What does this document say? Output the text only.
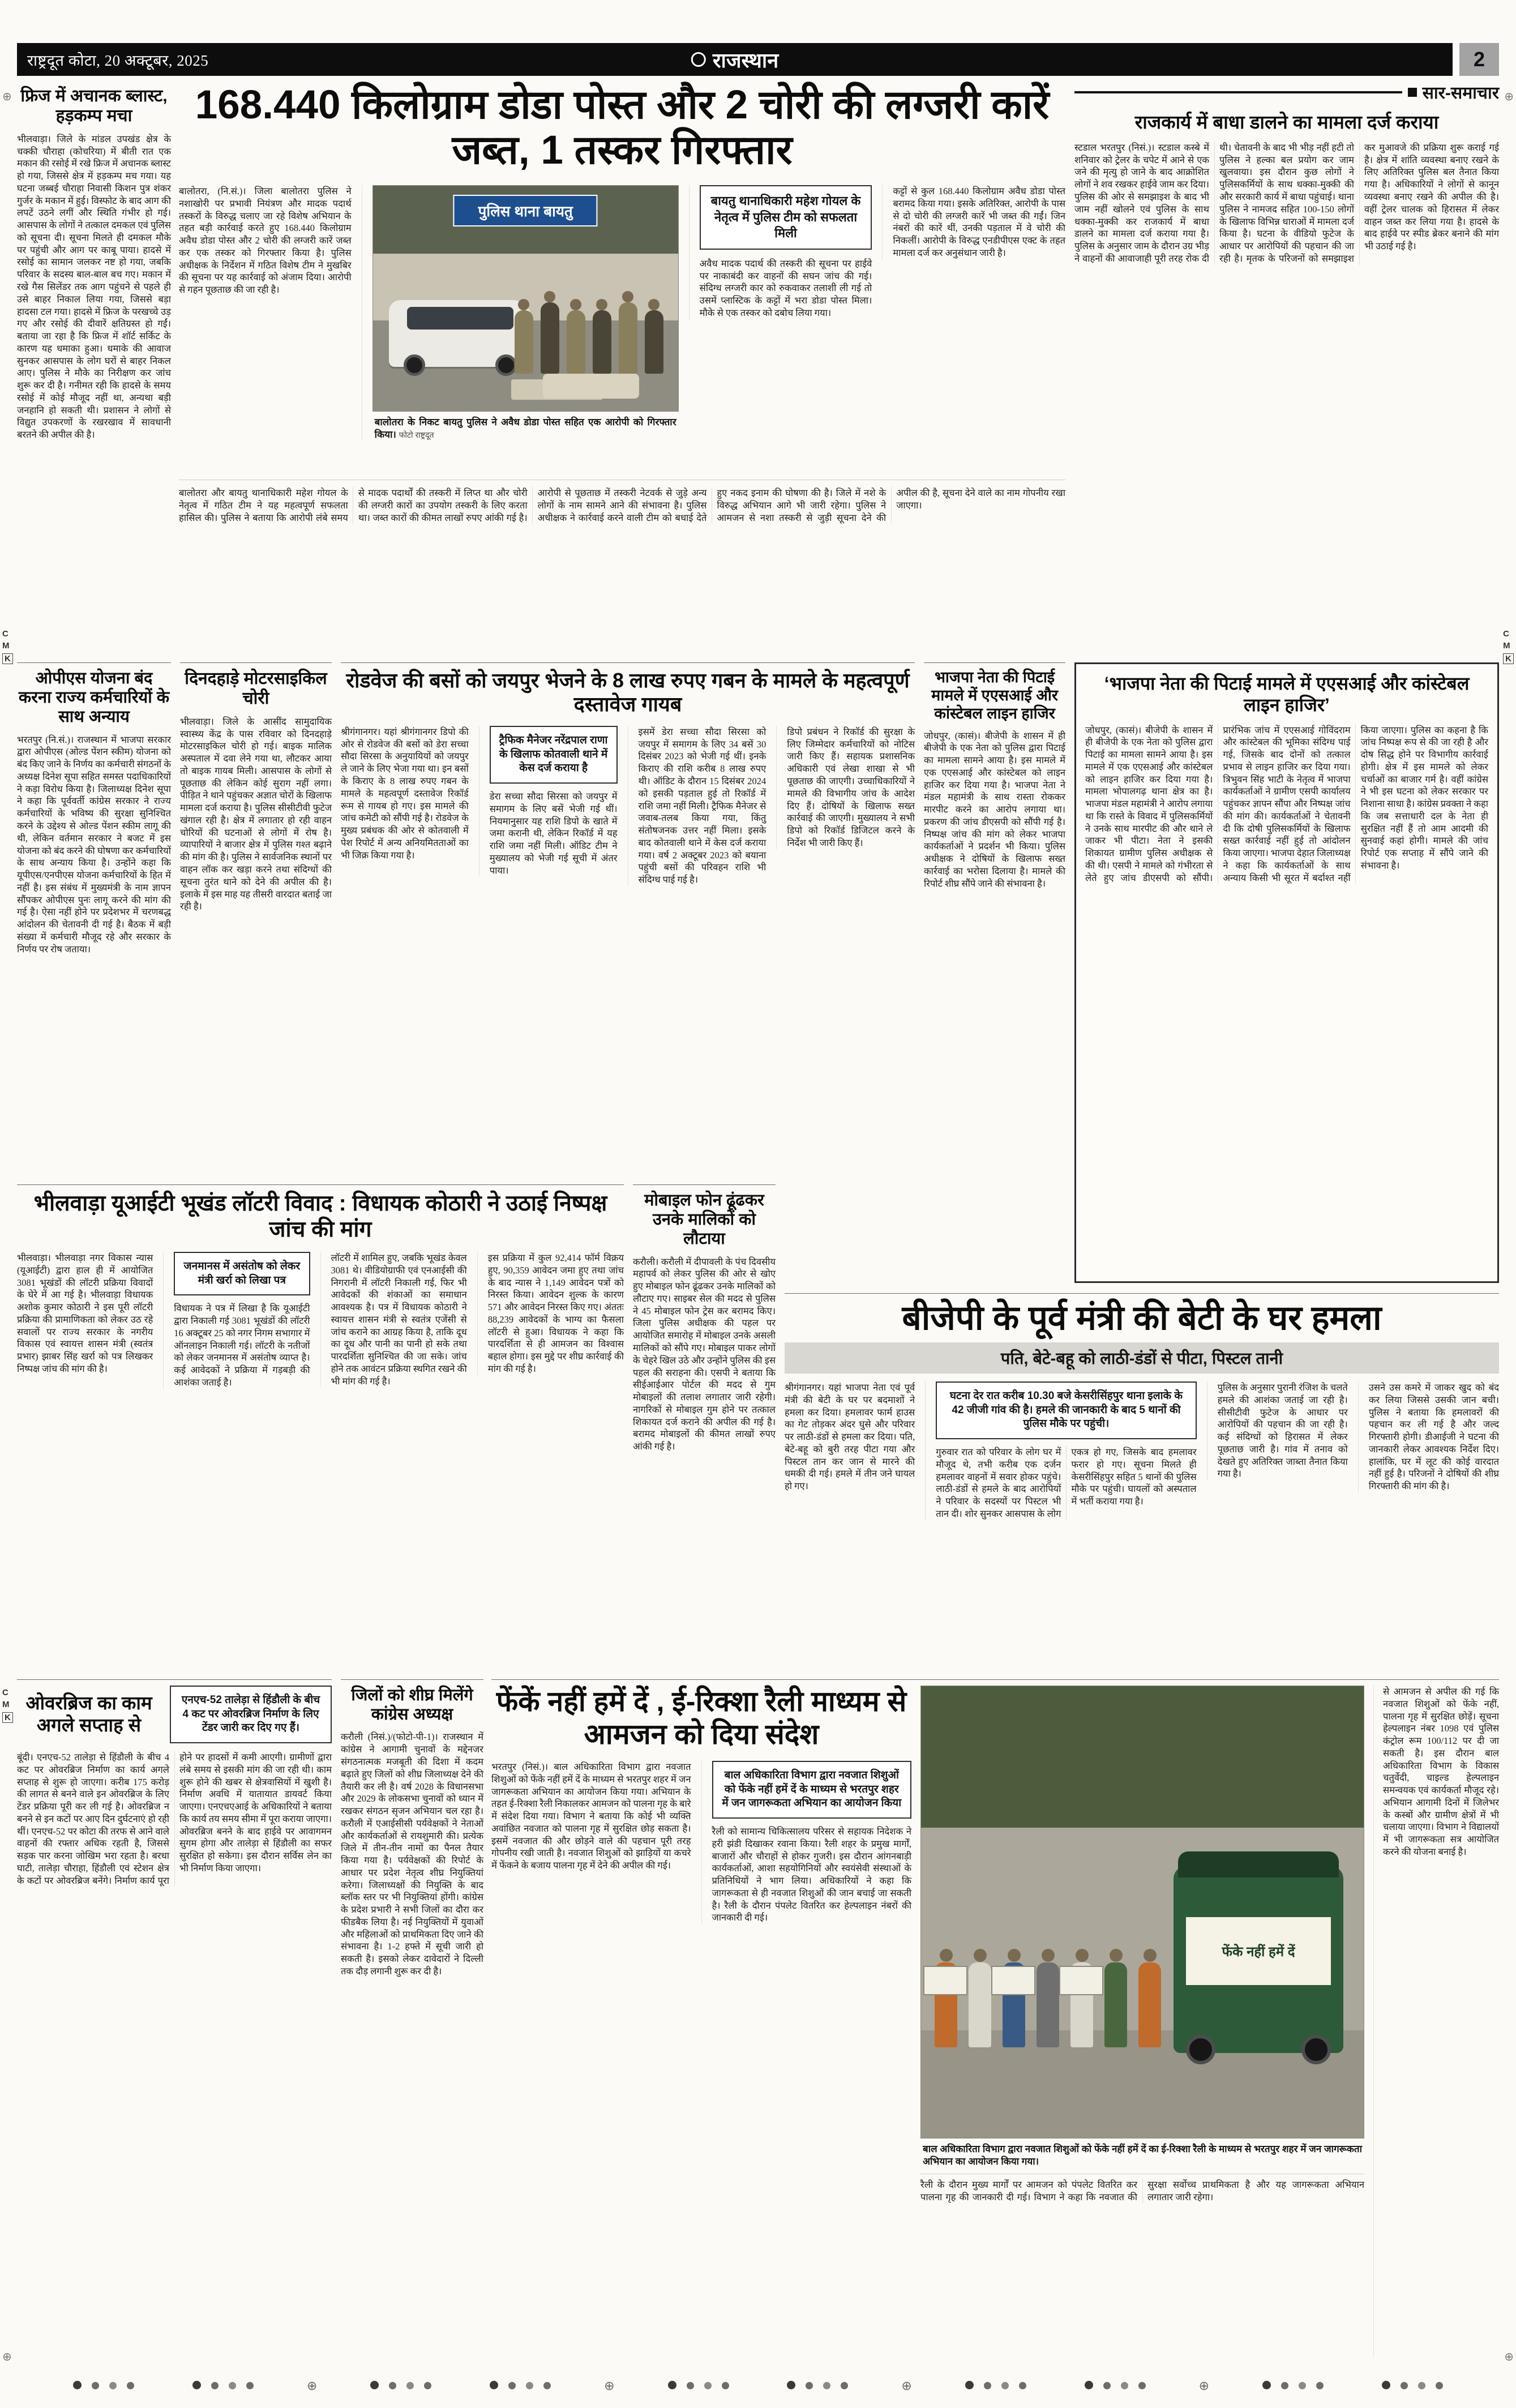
राष्ट्रदूत कोटा, 20 अक्टूबर, 2025	राजस्थान	2
फ्रिज में अचानक ब्लास्ट, हड़कम्प मचा
भीलवाड़ा। जिले के मांडल उपखंड क्षेत्र के चक्की चौराहा (कोचरिया) में बीती रात एक मकान की रसोई में रखे फ्रिज में अचानक ब्लास्ट हो गया, जिससे क्षेत्र में हड़कम्प मच गया। यह घटना जब्बई चौराहा निवासी किशन पुत्र शंकर गुर्जर के मकान में हुई। विस्फोट के बाद आग की लपटें उठने लगीं और स्थिति गंभीर हो गई। आसपास के लोगों ने तत्काल दमकल एवं पुलिस को सूचना दी। सूचना मिलते ही दमकल मौके पर पहुंची और आग पर काबू पाया। हादसे में रसोई का सामान जलकर नष्ट हो गया, जबकि परिवार के सदस्य बाल-बाल बच गए। मकान में रखे गैस सिलेंडर तक आग पहुंचने से पहले ही उसे बाहर निकाल लिया गया, जिससे बड़ा हादसा टल गया। हादसे में फ्रिज के परखच्चे उड़ गए और रसोई की दीवारें क्षतिग्रस्त हो गईं। बताया जा रहा है कि फ्रिज में शॉर्ट सर्किट के कारण यह धमाका हुआ। धमाके की आवाज सुनकर आसपास के लोग घरों से बाहर निकल आए। पुलिस ने मौके का निरीक्षण कर जांच शुरू कर दी है। गनीमत रही कि हादसे के समय रसोई में कोई मौजूद नहीं था, अन्यथा बड़ी जनहानि हो सकती थी। प्रशासन ने लोगों से विद्युत उपकरणों के रखरखाव में सावधानी बरतने की अपील की है।
168.440 किलोग्राम डोडा पोस्त और 2 चोरी की लग्जरी कारें जब्त, 1 तस्कर गिरफ्तार
बालोतरा, (नि.सं.)। जिला बालोतरा पुलिस ने नशाखोरी पर प्रभावी नियंत्रण और मादक पदार्थ तस्करों के विरुद्ध चलाए जा रहे विशेष अभियान के तहत बड़ी कार्रवाई करते हुए 168.440 किलोग्राम अवैध डोडा पोस्त और 2 चोरी की लग्जरी कारें जब्त कर एक तस्कर को गिरफ्तार किया है। पुलिस अधीक्षक के निर्देशन में गठित विशेष टीम ने मुखबिर की सूचना पर यह कार्रवाई को अंजाम दिया। आरोपी से गहन पूछताछ की जा रही है।
पुलिस थाना बायतु
बालोतरा के निकट बायतु पुलिस ने अवैध डोडा पोस्त सहित एक आरोपी को गिरफ्तार किया। फोटो राष्ट्रदूत
बायतु थानाधिकारी महेश गोयल के नेतृत्व में पुलिस टीम को सफलता मिली
अवैध मादक पदार्थ की तस्करी की सूचना पर हाईवे पर नाकाबंदी कर वाहनों की सघन जांच की गई। संदिग्ध लग्जरी कार को रुकवाकर तलाशी ली गई तो उसमें प्लास्टिक के कट्टों में भरा डोडा पोस्त मिला। मौके से एक तस्कर को दबोच लिया गया।
कट्टों से कुल 168.440 किलोग्राम अवैध डोडा पोस्त बरामद किया गया। इसके अतिरिक्त, आरोपी के पास से दो चोरी की लग्जरी कारें भी जब्त की गईं। जिन नंबरों की कारें थीं, उनकी पड़ताल में वे चोरी की निकलीं। आरोपी के विरुद्ध एनडीपीएस एक्ट के तहत मामला दर्ज कर अनुसंधान जारी है।
बालोतरा और बायतु थानाधिकारी महेश गोयल के नेतृत्व में गठित टीम ने यह महत्वपूर्ण सफलता हासिल की। पुलिस ने बताया कि आरोपी लंबे समय से मादक पदार्थों की तस्करी में लिप्त था और चोरी की लग्जरी कारों का उपयोग तस्करी के लिए करता था। जब्त कारों की कीमत लाखों रुपए आंकी गई है। आरोपी से पूछताछ में तस्करी नेटवर्क से जुड़े अन्य लोगों के नाम सामने आने की संभावना है। पुलिस अधीक्षक ने कार्रवाई करने वाली टीम को बधाई देते हुए नकद इनाम की घोषणा की है। जिले में नशे के विरुद्ध अभियान आगे भी जारी रहेगा। पुलिस ने आमजन से नशा तस्करी से जुड़ी सूचना देने की अपील की है, सूचना देने वाले का नाम गोपनीय रखा जाएगा।
सार-समाचार
राजकार्य में बाधा डालने का मामला दर्ज कराया
स्टडाल भरतपुर (निसं.)। स्टडाल कस्बे में शनिवार को ट्रेलर के चपेट में आने से एक जने की मृत्यु हो जाने के बाद आक्रोशित लोगों ने शव रखकर हाईवे जाम कर दिया। पुलिस की ओर से समझाइश के बाद भी जाम नहीं खोलने एवं पुलिस के साथ धक्का-मुक्की कर राजकार्य में बाधा डालने का मामला दर्ज कराया गया है। पुलिस के अनुसार जाम के दौरान उग्र भीड़ ने वाहनों की आवाजाही पूरी तरह रोक दी थी। चेतावनी के बाद भी भीड़ नहीं हटी तो पुलिस ने हल्का बल प्रयोग कर जाम खुलवाया। इस दौरान कुछ लोगों ने पुलिसकर्मियों के साथ धक्का-मुक्की की और सरकारी कार्य में बाधा पहुंचाई। थाना पुलिस ने नामजद सहित 100-150 लोगों के खिलाफ विभिन्न धाराओं में मामला दर्ज किया है। घटना के वीडियो फुटेज के आधार पर आरोपियों की पहचान की जा रही है। मृतक के परिजनों को समझाइश कर मुआवजे की प्रक्रिया शुरू कराई गई है। क्षेत्र में शांति व्यवस्था बनाए रखने के लिए अतिरिक्त पुलिस बल तैनात किया गया है। अधिकारियों ने लोगों से कानून व्यवस्था बनाए रखने की अपील की है। वहीं ट्रेलर चालक को हिरासत में लेकर वाहन जब्त कर लिया गया है। हादसे के बाद हाईवे पर स्पीड ब्रेकर बनाने की मांग भी उठाई गई है।
ओपीएस योजना बंद करना राज्य कर्मचारियों के साथ अन्याय
भरतपुर (नि.सं.)। राजस्थान में भाजपा सरकार द्वारा ओपीएस (ओल्ड पेंशन स्कीम) योजना को बंद किए जाने के निर्णय का कर्मचारी संगठनों के अध्यक्ष दिनेश सूपा सहित समस्त पदाधिकारियों ने कड़ा विरोध किया है। जिलाध्यक्ष दिनेश सूपा ने कहा कि पूर्ववर्ती कांग्रेस सरकार ने राज्य कर्मचारियों के भविष्य की सुरक्षा सुनिश्चित करने के उद्देश्य से ओल्ड पेंशन स्कीम लागू की थी, लेकिन वर्तमान सरकार ने बजट में इस योजना को बंद करने की घोषणा कर कर्मचारियों के साथ अन्याय किया है। उन्होंने कहा कि यूपीएस/एनपीएस योजना कर्मचारियों के हित में नहीं है। इस संबंध में मुख्यमंत्री के नाम ज्ञापन सौंपकर ओपीएस पुनः लागू करने की मांग की गई है। ऐसा नहीं होने पर प्रदेशभर में चरणबद्ध आंदोलन की चेतावनी दी गई है। बैठक में बड़ी संख्या में कर्मचारी मौजूद रहे और सरकार के निर्णय पर रोष जताया।
दिनदहाड़े मोटरसाइकिल चोरी
भीलवाड़ा। जिले के आसींद सामुदायिक स्वास्थ्य केंद्र के पास रविवार को दिनदहाड़े मोटरसाइकिल चोरी हो गई। बाइक मालिक अस्पताल में दवा लेने गया था, लौटकर आया तो बाइक गायब मिली। आसपास के लोगों से पूछताछ की लेकिन कोई सुराग नहीं लगा। पीड़ित ने थाने पहुंचकर अज्ञात चोरों के खिलाफ मामला दर्ज कराया है। पुलिस सीसीटीवी फुटेज खंगाल रही है। क्षेत्र में लगातार हो रही वाहन चोरियों की घटनाओं से लोगों में रोष है। व्यापारियों ने बाजार क्षेत्र में पुलिस गश्त बढ़ाने की मांग की है। पुलिस ने सार्वजनिक स्थानों पर वाहन लॉक कर खड़ा करने तथा संदिग्धों की सूचना तुरंत थाने को देने की अपील की है। इलाके में इस माह यह तीसरी वारदात बताई जा रही है।
रोडवेज की बसों को जयपुर भेजने के 8 लाख रुपए गबन के मामले के महत्वपूर्ण दस्तावेज गायब
श्रीगंगानगर। यहां श्रीगंगानगर डिपो की ओर से रोडवेज की बसों को डेरा सच्चा सौदा सिरसा के अनुयायियों को जयपुर ले जाने के लिए भेजा गया था। इन बसों के किराए के 8 लाख रुपए गबन के मामले के महत्वपूर्ण दस्तावेज रिकॉर्ड रूम से गायब हो गए। इस मामले की जांच कमेटी को सौंपी गई है। रोडवेज के मुख्य प्रबंधक की ओर से कोतवाली में पेश रिपोर्ट में अन्य अनियमितताओं का भी जिक्र किया गया है।
ट्रैफिक मैनेजर नरेंद्रपाल राणा के खिलाफ कोतवाली थाने में केस दर्ज कराया है
डेरा सच्चा सौदा सिरसा को जयपुर में समागम के लिए बसें भेजी गई थीं। नियमानुसार यह राशि डिपो के खाते में जमा करानी थी, लेकिन रिकॉर्ड में यह राशि जमा नहीं मिली। ऑडिट टीम ने मुख्यालय को भेजी गई सूची में अंतर पाया।
इसमें डेरा सच्चा सौदा सिरसा को जयपुर में समागम के लिए 34 बसें 30 दिसंबर 2023 को भेजी गई थीं। इनके किराए की राशि करीब 8 लाख रुपए थी। ऑडिट के दौरान 15 दिसंबर 2024 को इसकी पड़ताल हुई तो रिकॉर्ड में राशि जमा नहीं मिली। ट्रैफिक मैनेजर से जवाब-तलब किया गया, किंतु संतोषजनक उत्तर नहीं मिला। इसके बाद कोतवाली थाने में केस दर्ज कराया गया। वर्ष 2 अक्टूबर 2023 को बयाना पहुंची बसों की परिवहन राशि भी संदिग्ध पाई गई है।
डिपो प्रबंधन ने रिकॉर्ड की सुरक्षा के लिए जिम्मेदार कर्मचारियों को नोटिस जारी किए हैं। सहायक प्रशासनिक अधिकारी एवं लेखा शाखा से भी पूछताछ की जाएगी। उच्चाधिकारियों ने मामले की विभागीय जांच के आदेश दिए हैं। दोषियों के खिलाफ सख्त कार्रवाई की जाएगी। मुख्यालय ने सभी डिपो को रिकॉर्ड डिजिटल करने के निर्देश भी जारी किए हैं।
भाजपा नेता की पिटाई मामले में एएसआई और कांस्टेबल लाइन हाजिर
जोधपुर, (कासं)। बीजेपी के शासन में ही बीजेपी के एक नेता को पुलिस द्वारा पिटाई का मामला सामने आया है। इस मामले में एक एएसआई और कांस्टेबल को लाइन हाजिर कर दिया गया है। भाजपा नेता ने मंडल महामंत्री के साथ रास्ता रोककर मारपीट करने का आरोप लगाया था। प्रकरण की जांच डीएसपी को सौंपी गई है। निष्पक्ष जांच की मांग को लेकर भाजपा कार्यकर्ताओं ने प्रदर्शन भी किया। पुलिस अधीक्षक ने दोषियों के खिलाफ सख्त कार्रवाई का भरोसा दिलाया है। मामले की रिपोर्ट शीघ्र सौंपे जाने की संभावना है।
‘भाजपा नेता की पिटाई मामले में एएसआई और कांस्टेबल लाइन हाजिर’
जोधपुर, (कासं)। बीजेपी के शासन में ही बीजेपी के एक नेता को पुलिस द्वारा पिटाई का मामला सामने आया है। इस मामले में एक एएसआई और कांस्टेबल को लाइन हाजिर कर दिया गया है। मामला भोपालगढ़ थाना क्षेत्र का है। भाजपा मंडल महामंत्री ने आरोप लगाया था कि रास्ते के विवाद में पुलिसकर्मियों ने उनके साथ मारपीट की और थाने ले जाकर भी पीटा। नेता ने इसकी शिकायत ग्रामीण पुलिस अधीक्षक से की थी। एसपी ने मामले को गंभीरता से लेते हुए जांच डीएसपी को सौंपी। प्रारंभिक जांच में एएसआई गोविंदराम और कांस्टेबल की भूमिका संदिग्ध पाई गई, जिसके बाद दोनों को तत्काल प्रभाव से लाइन हाजिर कर दिया गया। त्रिभुवन सिंह भाटी के नेतृत्व में भाजपा कार्यकर्ताओं ने ग्रामीण एसपी कार्यालय पहुंचकर ज्ञापन सौंपा और निष्पक्ष जांच की मांग की। कार्यकर्ताओं ने चेतावनी दी कि दोषी पुलिसकर्मियों के खिलाफ सख्त कार्रवाई नहीं हुई तो आंदोलन किया जाएगा। भाजपा देहात जिलाध्यक्ष ने कहा कि कार्यकर्ताओं के साथ अन्याय किसी भी सूरत में बर्दाश्त नहीं किया जाएगा। पुलिस का कहना है कि जांच निष्पक्ष रूप से की जा रही है और दोष सिद्ध होने पर विभागीय कार्रवाई होगी। क्षेत्र में इस मामले को लेकर चर्चाओं का बाजार गर्म है। वहीं कांग्रेस ने भी इस घटना को लेकर सरकार पर निशाना साधा है। कांग्रेस प्रवक्ता ने कहा कि जब सत्ताधारी दल के नेता ही सुरक्षित नहीं हैं तो आम आदमी की सुनवाई कहां होगी। मामले की जांच रिपोर्ट एक सप्ताह में सौंपे जाने की संभावना है।
भीलवाड़ा यूआईटी भूखंड लॉटरी विवाद : विधायक कोठारी ने उठाई निष्पक्ष जांच की मांग
भीलवाड़ा। भीलवाड़ा नगर विकास न्यास (यूआईटी) द्वारा हाल ही में आयोजित 3081 भूखंडों की लॉटरी प्रक्रिया विवादों के घेरे में आ गई है। भीलवाड़ा विधायक अशोक कुमार कोठारी ने इस पूरी लॉटरी प्रक्रिया की प्रामाणिकता को लेकर उठ रहे सवालों पर राज्य सरकार के नगरीय विकास एवं स्वायत्त शासन मंत्री (स्वतंत्र प्रभार) झाबर सिंह खर्रा को पत्र लिखकर निष्पक्ष जांच की मांग की है।
जनमानस में असंतोष को लेकर मंत्री खर्रा को लिखा पत्र
विधायक ने पत्र में लिखा है कि यूआईटी द्वारा निकाली गई 3081 भूखंडों की लॉटरी 16 अक्टूबर 25 को नगर निगम सभागार में ऑनलाइन निकाली गई। लॉटरी के नतीजों को लेकर जनमानस में असंतोष व्याप्त है। कई आवेदकों ने प्रक्रिया में गड़बड़ी की आशंका जताई है।
लॉटरी में शामिल हुए, जबकि भूखंड केवल 3081 थे। वीडियोग्राफी एवं एनआईसी की निगरानी में लॉटरी निकाली गई, फिर भी आवेदकों की शंकाओं का समाधान आवश्यक है। पत्र में विधायक कोठारी ने स्वायत्त शासन मंत्री से स्वतंत्र एजेंसी से जांच कराने का आग्रह किया है, ताकि दूध का दूध और पानी का पानी हो सके तथा पारदर्शिता सुनिश्चित की जा सके। जांच होने तक आवंटन प्रक्रिया स्थगित रखने की भी मांग की गई है।
इस प्रक्रिया में कुल 92,414 फॉर्म विक्रय हुए, 90,359 आवेदन जमा हुए तथा जांच के बाद न्यास ने 1,149 आवेदन पत्रों को निरस्त किया। आवेदन शुल्क के कारण 571 और आवेदन निरस्त किए गए। अंततः 88,239 आवेदकों के भाग्य का फैसला लॉटरी से हुआ। विधायक ने कहा कि पारदर्शिता से ही आमजन का विश्वास बहाल होगा। इस मुद्दे पर शीघ्र कार्रवाई की मांग की गई है।
मोबाइल फोन ढूंढकर उनके मालिकों को लौटाया
करौली। करौली में दीपावली के पंच दिवसीय महापर्व को लेकर पुलिस की ओर से खोए हुए मोबाइल फोन ढूंढकर उनके मालिकों को लौटाए गए। साइबर सेल की मदद से पुलिस ने 45 मोबाइल फोन ट्रेस कर बरामद किए। जिला पुलिस अधीक्षक की पहल पर आयोजित समारोह में मोबाइल उनके असली मालिकों को सौंपे गए। मोबाइल पाकर लोगों के चेहरे खिल उठे और उन्होंने पुलिस की इस पहल की सराहना की। एसपी ने बताया कि सीईआईआर पोर्टल की मदद से गुम मोबाइलों की तलाश लगातार जारी रहेगी। नागरिकों से मोबाइल गुम होने पर तत्काल शिकायत दर्ज कराने की अपील की गई है। बरामद मोबाइलों की कीमत लाखों रुपए आंकी गई है।
बीजेपी के पूर्व मंत्री की बेटी के घर हमला
पति, बेटे-बहू को लाठी-डंडों से पीटा, पिस्टल तानी
श्रीगंगानगर। यहां भाजपा नेता एवं पूर्व मंत्री की बेटी के घर पर बदमाशों ने हमला कर दिया। हमलावर फार्म हाउस का गेट तोड़कर अंदर घुसे और परिवार पर लाठी-डंडों से हमला कर दिया। पति, बेटे-बहू को बुरी तरह पीटा गया और पिस्टल तान कर जान से मारने की धमकी दी गई। हमले में तीन जने घायल हो गए।
घटना देर रात करीब 10.30 बजे केसरीसिंहपुर थाना इलाके के 42 जीजी गांव की है। हमले की जानकारी के बाद 5 थानों की पुलिस मौके पर पहुंची।
गुरुवार रात को परिवार के लोग घर में मौजूद थे, तभी करीब एक दर्जन हमलावर वाहनों में सवार होकर पहुंचे। लाठी-डंडों से हमले के बाद आरोपियों ने परिवार के सदस्यों पर पिस्टल भी तान दी। शोर सुनकर आसपास के लोग एकत्र हो गए, जिसके बाद हमलावर फरार हो गए। सूचना मिलते ही केसरीसिंहपुर सहित 5 थानों की पुलिस मौके पर पहुंची। घायलों को अस्पताल में भर्ती कराया गया है।
पुलिस के अनुसार पुरानी रंजिश के चलते हमले की आशंका जताई जा रही है। सीसीटीवी फुटेज के आधार पर आरोपियों की पहचान की जा रही है। कई संदिग्धों को हिरासत में लेकर पूछताछ जारी है। गांव में तनाव को देखते हुए अतिरिक्त जाब्ता तैनात किया गया है।
उसने उस कमरे में जाकर खुद को बंद कर लिया जिससे उसकी जान बची। पुलिस ने बताया कि हमलावरों की पहचान कर ली गई है और जल्द गिरफ्तारी होगी। डीआईजी ने घटना की जानकारी लेकर आवश्यक निर्देश दिए। हालांकि, घर में लूट की कोई वारदात नहीं हुई है। परिजनों ने दोषियों की शीघ्र गिरफ्तारी की मांग की है।
ओवरब्रिज का काम अगले सप्ताह से
एनएच-52 तालेड़ा से हिंडौली के बीच 4 कट पर ओवरब्रिज निर्माण के लिए टेंडर जारी कर दिए गए हैं।
बूंदी। एनएच-52 तालेड़ा से हिंडौली के बीच 4 कट पर ओवरब्रिज निर्माण का कार्य अगले सप्ताह से शुरू हो जाएगा। करीब 175 करोड़ की लागत से बनने वाले इन ओवरब्रिज के लिए टेंडर प्रक्रिया पूरी कर ली गई है। ओवरब्रिज न बनने से इन कटों पर आए दिन दुर्घटनाएं हो रही थीं। एनएच-52 पर कोटा की तरफ से आने वाले वाहनों की रफ्तार अधिक रहती है, जिससे सड़क पार करना जोखिम भरा रहता है। बरधा घाटी, तालेड़ा चौराहा, हिंडौली एवं स्टेशन क्षेत्र के कटों पर ओवरब्रिज बनेंगे। निर्माण कार्य पूरा होने पर हादसों में कमी आएगी। ग्रामीणों द्वारा लंबे समय से इसकी मांग की जा रही थी। काम शुरू होने की खबर से क्षेत्रवासियों में खुशी है। निर्माण अवधि में यातायात डायवर्ट किया जाएगा। एनएचएआई के अधिकारियों ने बताया कि कार्य तय समय सीमा में पूरा कराया जाएगा। ओवरब्रिज बनने के बाद हाईवे पर आवागमन सुगम होगा और तालेड़ा से हिंडौली का सफर सुरक्षित हो सकेगा। इस दौरान सर्विस लेन का भी निर्माण किया जाएगा।
जिलों को शीघ्र मिलेंगे कांग्रेस अध्यक्ष
करौली (निसं.)/(फोटो-पी-1)। राजस्थान में कांग्रेस ने आगामी चुनावों के मद्देनजर संगठनात्मक मजबूती की दिशा में कदम बढ़ाते हुए जिलों को शीघ्र जिलाध्यक्ष देने की तैयारी कर ली है। वर्ष 2028 के विधानसभा और 2029 के लोकसभा चुनावों को ध्यान में रखकर संगठन सृजन अभियान चल रहा है। करौली में एआईसीसी पर्यवेक्षकों ने नेताओं और कार्यकर्ताओं से रायशुमारी की। प्रत्येक जिले में तीन-तीन नामों का पैनल तैयार किया गया है। पर्यवेक्षकों की रिपोर्ट के आधार पर प्रदेश नेतृत्व शीघ्र नियुक्तियां करेगा। जिलाध्यक्षों की नियुक्ति के बाद ब्लॉक स्तर पर भी नियुक्तियां होंगी। कांग्रेस के प्रदेश प्रभारी ने सभी जिलों का दौरा कर फीडबैक लिया है। नई नियुक्तियों में युवाओं और महिलाओं को प्राथमिकता दिए जाने की संभावना है। 1-2 हफ्ते में सूची जारी हो सकती है। इसको लेकर दावेदारों ने दिल्ली तक दौड़ लगानी शुरू कर दी है।
फेंकें नहीं हमें दें , ई-रिक्शा रैली माध्यम से आमजन को दिया संदेश
भरतपुर (निसं.)। बाल अधिकारिता विभाग द्वारा नवजात शिशुओं को फेंके नहीं हमें दें के माध्यम से भरतपुर शहर में जन जागरूकता अभियान का आयोजन किया गया। अभियान के तहत ई-रिक्शा रैली निकालकर आमजन को पालना गृह के बारे में संदेश दिया गया। विभाग ने बताया कि कोई भी व्यक्ति अवांछित नवजात को पालना गृह में सुरक्षित छोड़ सकता है। इसमें नवजात की और छोड़ने वाले की पहचान पूरी तरह गोपनीय रखी जाती है। नवजात शिशुओं को झाड़ियों या कचरे में फेंकने के बजाय पालना गृह में देने की अपील की गई।
बाल अधिकारिता विभाग द्वारा नवजात शिशुओं को फेंके नहीं हमें दें के माध्यम से भरतपुर शहर में जन जागरूकता अभियान का आयोजन किया
रैली को सामान्य चिकित्सालय परिसर से सहायक निदेशक ने हरी झंडी दिखाकर रवाना किया। रैली शहर के प्रमुख मार्गों, बाजारों और चौराहों से होकर गुजरी। इस दौरान आंगनबाड़ी कार्यकर्ताओं, आशा सहयोगिनियों और स्वयंसेवी संस्थाओं के प्रतिनिधियों ने भाग लिया। अधिकारियों ने कहा कि जागरूकता से ही नवजात शिशुओं की जान बचाई जा सकती है। रैली के दौरान पंपलेट वितरित कर हेल्पलाइन नंबरों की जानकारी दी गई।
फेंके नहीं हमें दें
बाल अधिकारिता विभाग द्वारा नवजात शिशुओं को फेंके नहीं हमें दें का ई-रिक्शा रैली के माध्यम से भरतपुर शहर में जन जागरूकता अभियान का आयोजन किया गया।
रैली के दौरान मुख्य मार्गों पर आमजन को पंपलेट वितरित कर पालना गृह की जानकारी दी गई। विभाग ने कहा कि नवजात की सुरक्षा सर्वोच्च प्राथमिकता है और यह जागरूकता अभियान लगातार जारी रहेगा।
से आमजन से अपील की गई कि नवजात शिशुओं को फेंके नहीं, पालना गृह में सुरक्षित छोड़ें। सूचना हेल्पलाइन नंबर 1098 एवं पुलिस कंट्रोल रूम 100/112 पर दी जा सकती है। इस दौरान बाल अधिकारिता विभाग के विकास चतुर्वेदी, चाइल्ड हेल्पलाइन समन्वयक एवं कार्यकर्ता मौजूद रहे। अभियान आगामी दिनों में जिलेभर के कस्बों और ग्रामीण क्षेत्रों में भी चलाया जाएगा। विभाग ने विद्यालयों में भी जागरूकता सत्र आयोजित करने की योजना बनाई है।
⊕	⊕
⊕	⊕
C
M
K
C
M
K
C
M
K
⊕	⊕	⊕	⊕
